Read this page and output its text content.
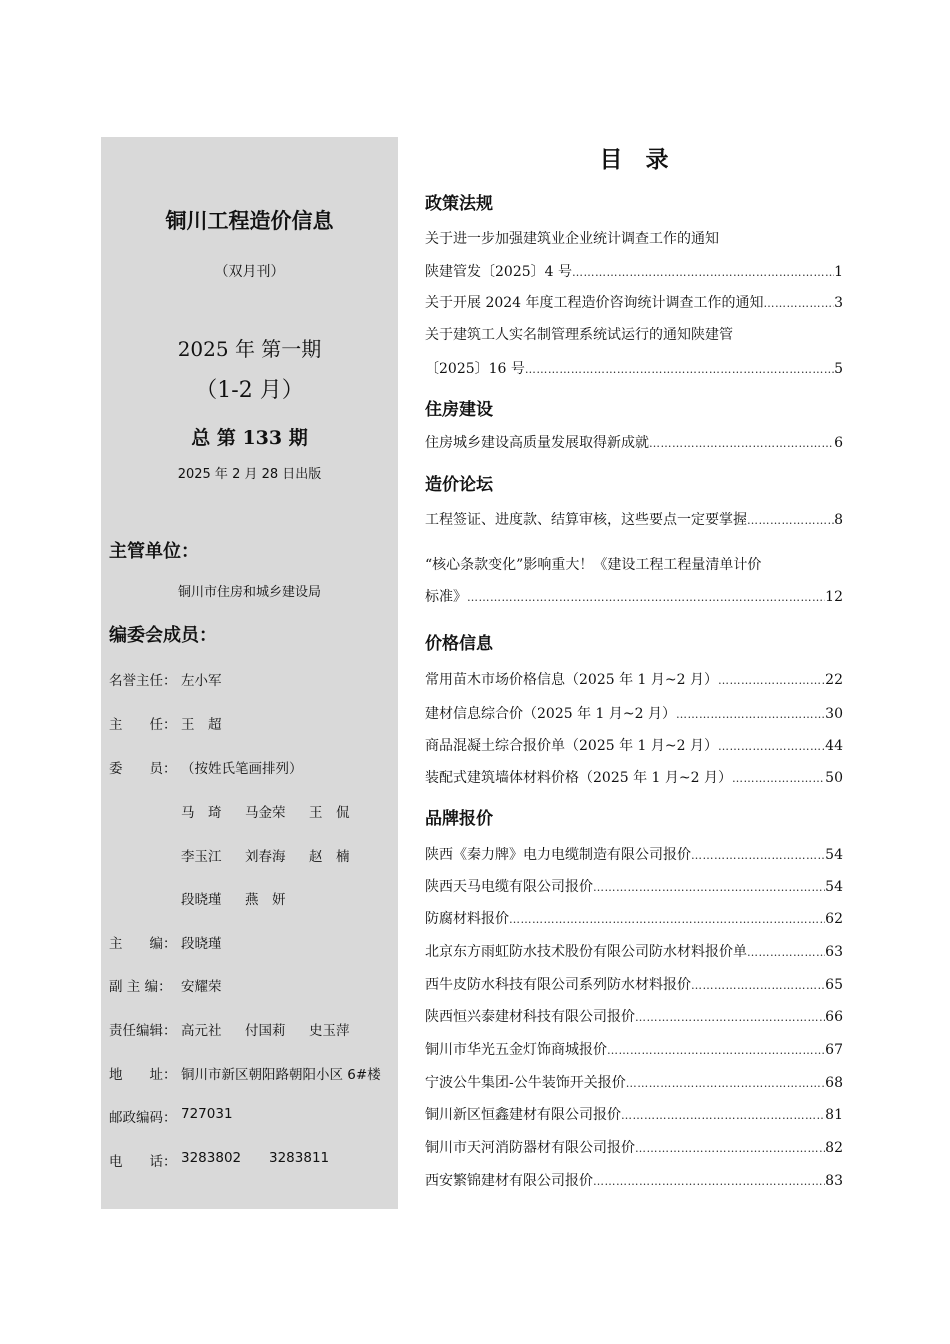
铜川工程造价信息
（双月刊）
2025 年 第一期
（1-2 月）
总 第 133 期
2025 年 2 月 28 日出版
主管单位：
铜川市住房和城乡建设局
编委会成员：
名誉主任： 左小军
主　　任： 王　超
委　　员： （按姓氏笔画排列）
马　琦 马金荣 王　侃
李玉江 刘春海 赵　楠
段晓瑾 燕　妍
主　　编： 段晓瑾
副 主 编： 安耀荣
责任编辑： 高元社 付国莉 史玉萍
地　　址： 铜川市新区朝阳路朝阳小区 6#楼
邮政编码： 727031
电　　话： 3283802 3283811
目　录
政策法规
关于进一步加强建筑业企业统计调查工作的通知
陕建管发〔2025〕4 号 ……………………………………………………………………………………………………………………………………………………………………	1
关于开展 2024 年度工程造价咨询统计调查工作的通知 ……………………………………………………………………………………………………………………………………………………………………	3
关于建筑工人实名制管理系统试运行的通知陕建管
〔2025〕16 号 ……………………………………………………………………………………………………………………………………………………………………	5
住房建设
住房城乡建设高质量发展取得新成就 ……………………………………………………………………………………………………………………………………………………………………	6
造价论坛
工程签证、进度款、结算审核，这些要点一定要掌握 ……………………………………………………………………………………………………………………………………………………………………	8
“核心条款变化”影响重大！《建设工程工程量清单计价
标准》 ……………………………………………………………………………………………………………………………………………………………………	12
价格信息
常用苗木市场价格信息（2025 年 1 月~2 月） ……………………………………………………………………………………………………………………………………………………………………	22
建材信息综合价（2025 年 1 月~2 月） ……………………………………………………………………………………………………………………………………………………………………	30
商品混凝土综合报价单（2025 年 1 月~2 月） ……………………………………………………………………………………………………………………………………………………………………	44
装配式建筑墙体材料价格（2025 年 1 月~2 月） ……………………………………………………………………………………………………………………………………………………………………	50
品牌报价
陕西《秦力牌》电力电缆制造有限公司报价 ……………………………………………………………………………………………………………………………………………………………………	54
陕西天马电缆有限公司报价 ……………………………………………………………………………………………………………………………………………………………………	54
防腐材料报价 ……………………………………………………………………………………………………………………………………………………………………	62
北京东方雨虹防水技术股份有限公司防水材料报价单 ……………………………………………………………………………………………………………………………………………………………………	63
西牛皮防水科技有限公司系列防水材料报价 ……………………………………………………………………………………………………………………………………………………………………	65
陕西恒兴泰建材科技有限公司报价 ……………………………………………………………………………………………………………………………………………………………………	66
铜川市华光五金灯饰商城报价 ……………………………………………………………………………………………………………………………………………………………………	67
宁波公牛集团-公牛装饰开关报价 ……………………………………………………………………………………………………………………………………………………………………	68
铜川新区恒鑫建材有限公司报价 ……………………………………………………………………………………………………………………………………………………………………	81
铜川市天河消防器材有限公司报价 ……………………………………………………………………………………………………………………………………………………………………	82
西安繁锦建材有限公司报价 ……………………………………………………………………………………………………………………………………………………………………	83
